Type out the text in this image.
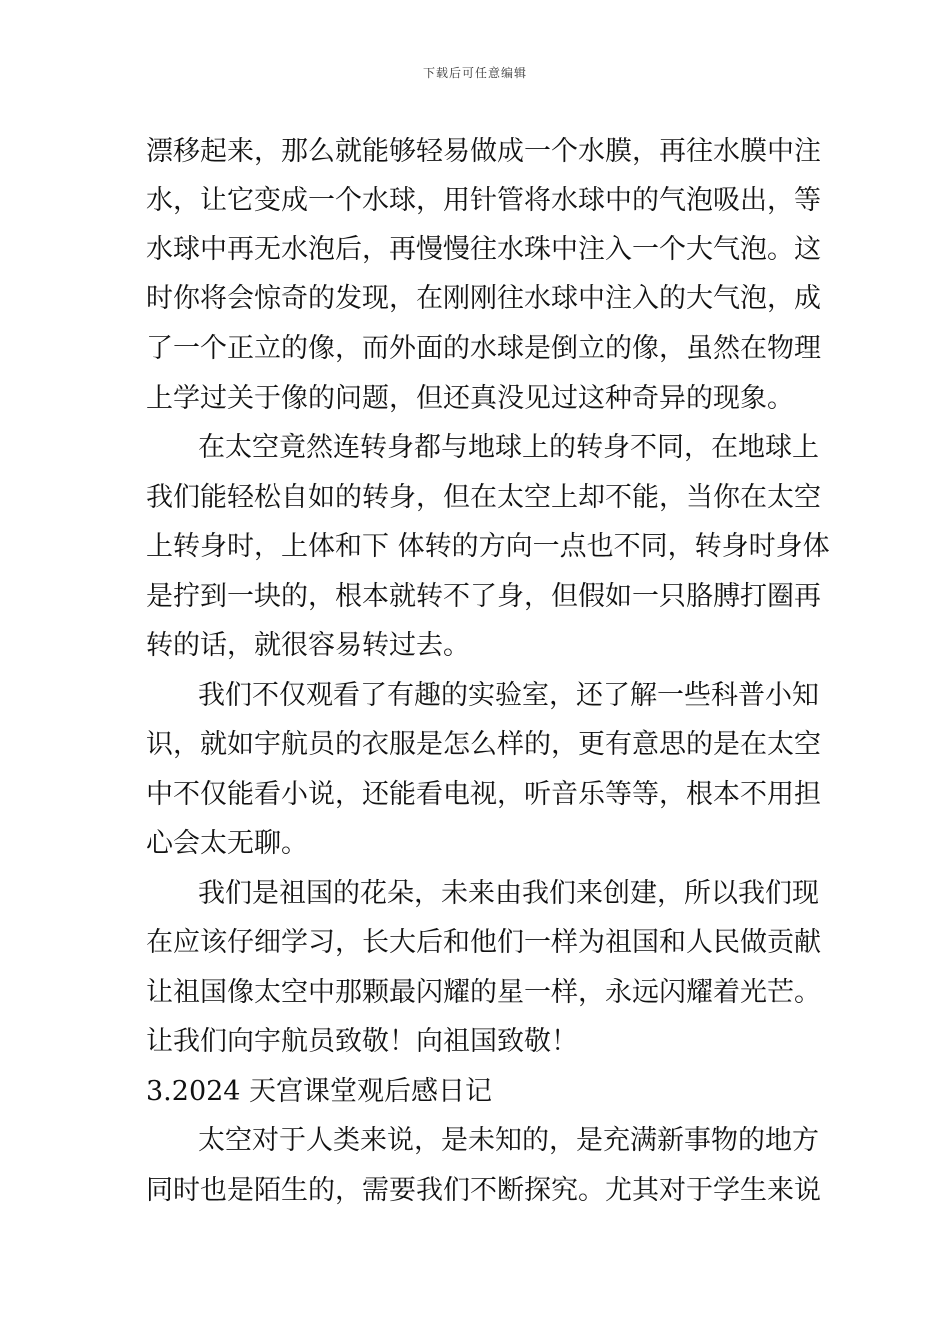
下载后可任意编辑
漂移起来，那么就能够轻易做成一个水膜，再往水膜中注
水，让它变成一个水球，用针管将水球中的气泡吸出，等
水球中再无水泡后，再慢慢往水珠中注入一个大气泡。这
时你将会惊奇的发现，在刚刚往水球中注入的大气泡，成
了一个正立的像，而外面的水球是倒立的像，虽然在物理
上学过关于像的问题，但还真没见过这种奇异的现象。
在太空竟然连转身都与地球上的转身不同，在地球上
我们能轻松自如的转身，但在太空上却不能，当你在太空
上转身时，上体和下 体转的方向一点也不同，转身时身体
是拧到一块的，根本就转不了身，但假如一只胳膊打圈再
转的话，就很容易转过去。
我们不仅观看了有趣的实验室，还了解一些科普小知
识，就如宇航员的衣服是怎么样的，更有意思的是在太空
中不仅能看小说，还能看电视，听音乐等等，根本不用担
心会太无聊。
我们是祖国的花朵，未来由我们来创建，所以我们现
在应该仔细学习，长大后和他们一样为祖国和人民做贡献
让祖国像太空中那颗最闪耀的星一样，永远闪耀着光芒。
让我们向宇航员致敬！向祖国致敬！
3.2024 天宫课堂观后感日记
太空对于人类来说，是未知的，是充满新事物的地方
同时也是陌生的，需要我们不断探究。尤其对于学生来说
